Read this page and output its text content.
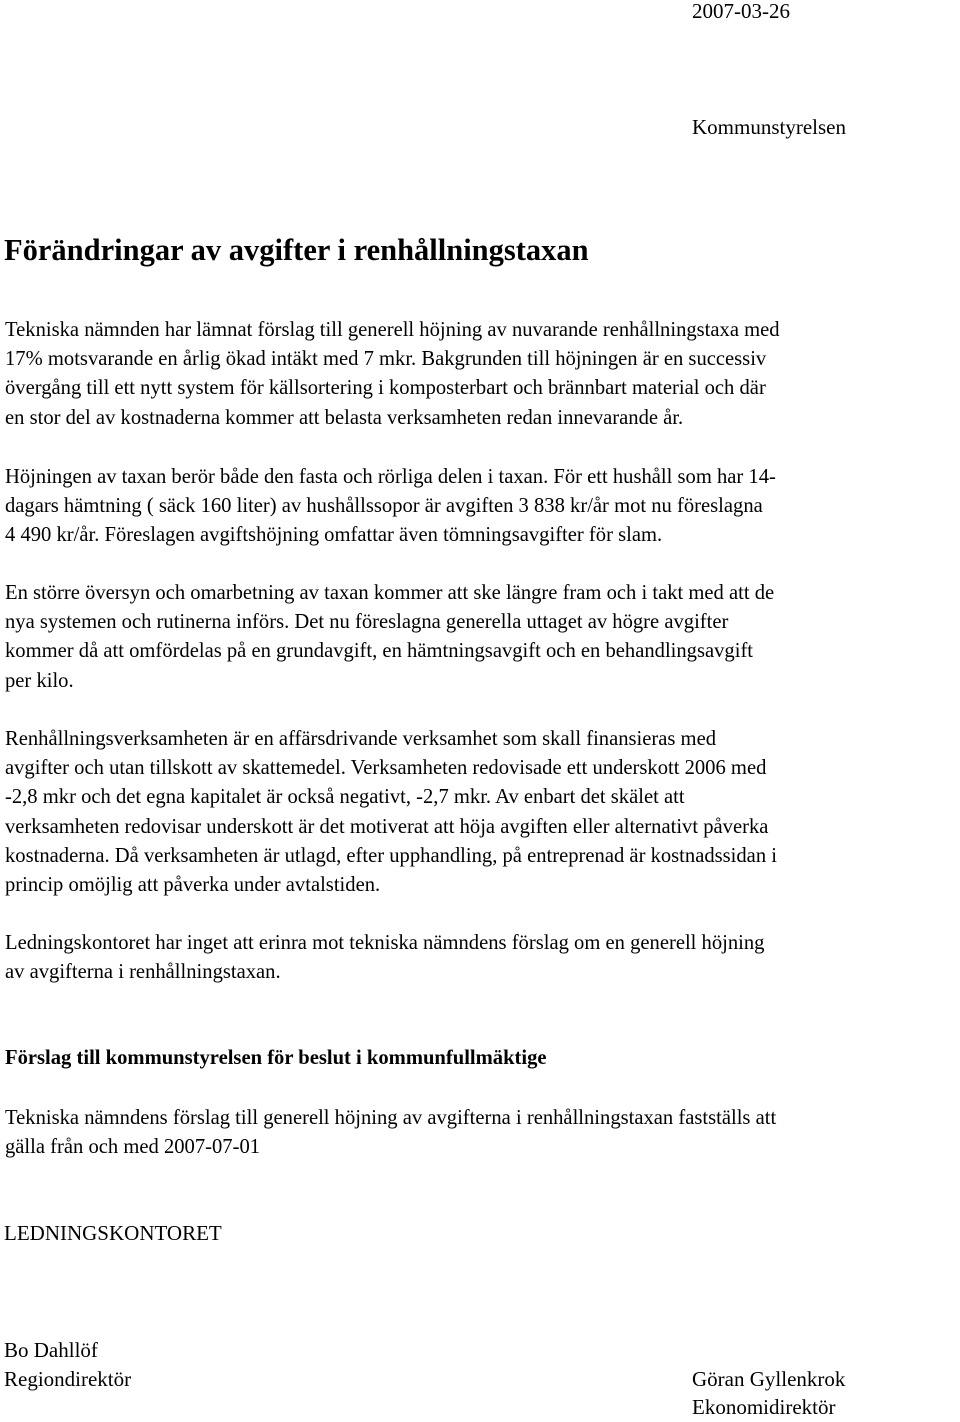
2007-03-26
Kommunstyrelsen
Förändringar av avgifter i renhållningstaxan
Tekniska nämnden har lämnat förslag till generell höjning av nuvarande renhållningstaxa med
17% motsvarande en årlig ökad intäkt med 7 mkr. Bakgrunden till höjningen är en successiv
övergång till ett nytt system för källsortering i komposterbart och brännbart material och där
en stor del av kostnaderna kommer att belasta verksamheten redan innevarande år.
Höjningen av taxan berör både den fasta och rörliga delen i taxan. För ett hushåll som har 14-
dagars hämtning ( säck 160 liter) av hushållssopor är avgiften 3 838 kr/år mot nu föreslagna
4 490 kr/år. Föreslagen avgiftshöjning omfattar även tömningsavgifter för slam.
En större översyn och omarbetning av taxan kommer att ske längre fram och i takt med att de
nya systemen och rutinerna införs. Det nu föreslagna generella uttaget av högre avgifter
kommer då att omfördelas på en grundavgift, en hämtningsavgift och en behandlingsavgift
per kilo.
Renhållningsverksamheten är en affärsdrivande verksamhet som skall finansieras med
avgifter och utan tillskott av skattemedel. Verksamheten redovisade ett underskott 2006 med
-2,8 mkr och det egna kapitalet är också negativt, -2,7 mkr. Av enbart det skälet att
verksamheten redovisar underskott är det motiverat att höja avgiften eller alternativt påverka
kostnaderna. Då verksamheten är utlagd, efter upphandling, på entreprenad är kostnadssidan i
princip omöjlig att påverka under avtalstiden.
Ledningskontoret har inget att erinra mot tekniska nämndens förslag om en generell höjning
av avgifterna i renhållningstaxan.
Förslag till kommunstyrelsen för beslut i kommunfullmäktige
Tekniska nämndens förslag till generell höjning av avgifterna i renhållningstaxan fastställs att
gälla från och med 2007-07-01
LEDNINGSKONTORET
Bo Dahllöf
Regiondirektör	Göran Gyllenkrok
Ekonomidirektör
